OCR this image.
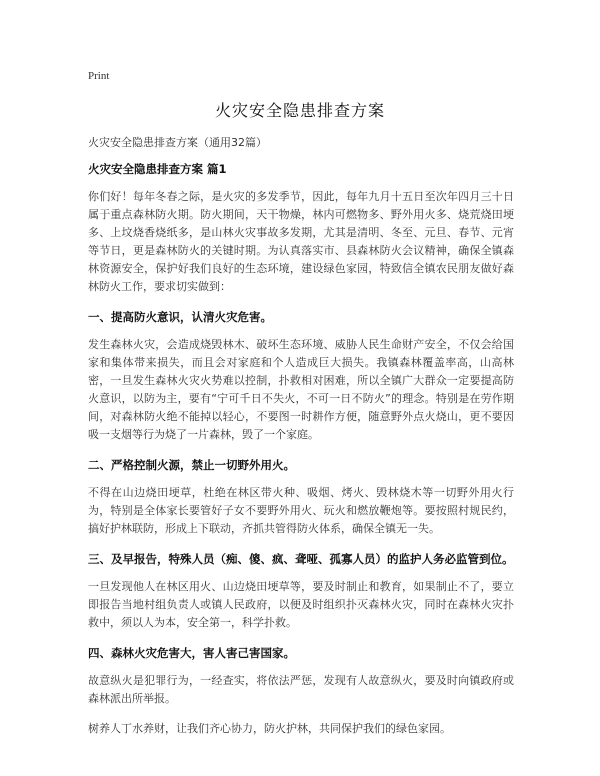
Print
火灾安全隐患排查方案
火灾安全隐患排查方案（通用32篇）
火灾安全隐患排查方案 篇1

你们好！每年冬春之际，是火灾的多发季节，因此，每年九月十五日至次年四月三十日属于重点森林防火期。防火期间，天干物燥，林内可燃物多、野外用火多、烧荒烧田埂多、上坟烧香烧纸多，是山林火灾事故多发期，尤其是清明、冬至、元旦、春节、元宵等节日，更是森林防火的关键时期。为认真落实市、县森林防火会议精神，确保全镇森林资源安全，保护好我们良好的生态环境，建设绿色家园，特致信全镇农民朋友做好森林防火工作，要求切实做到：

一、提高防火意识，认清火灾危害。

发生森林火灾，会造成烧毁林木、破坏生态环境、威胁人民生命财产安全，不仅会给国家和集体带来损失，而且会对家庭和个人造成巨大损失。我镇森林覆盖率高，山高林密，一旦发生森林火灾火势难以控制，扑救相对困难，所以全镇广大群众一定要提高防火意识，以防为主，要有“宁可千日不失火，不可一日不防火”的理念。特别是在劳作期间，对森林防火绝不能掉以轻心，不要图一时耕作方便，随意野外点火烧山，更不要因吸一支烟等行为烧了一片森林，毁了一个家庭。

二、严格控制火源，禁止一切野外用火。

不得在山边烧田埂草，杜绝在林区带火种、吸烟、烤火、毁林烧木等一切野外用火行为，特别是全体家长要管好子女不要野外用火、玩火和燃放鞭炮等。要按照村规民约，搞好护林联防，形成上下联动，齐抓共管得防火体系，确保全镇无一失。

三、及早报告，特殊人员（痴、傻、疯、聋哑、孤寡人员）的监护人务必监管到位。

一旦发现他人在林区用火、山边烧田埂草等，要及时制止和教育，如果制止不了，要立即报告当地村组负责人或镇人民政府，以便及时组织扑灭森林火灾，同时在森林火灾扑救中，须以人为本，安全第一，科学扑救。

四、森林火灾危害大，害人害己害国家。

故意纵火是犯罪行为，一经查实，将依法严惩，发现有人故意纵火，要及时向镇政府或森林派出所举报。

树养人丁水养财，让我们齐心协力，防火护林，共同保护我们的绿色家园。
